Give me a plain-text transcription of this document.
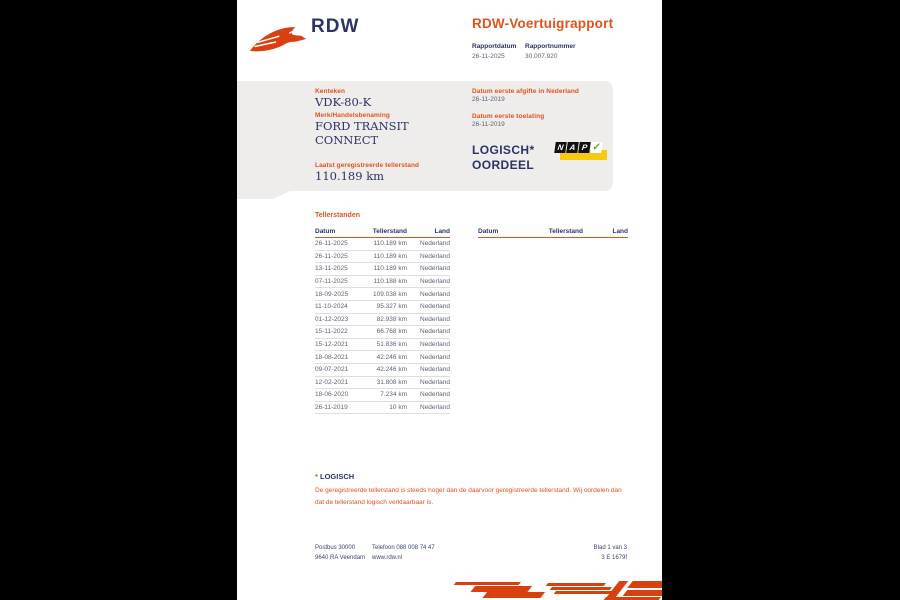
RDW	RDW-Voertuigrapport
Rapportdatum Rapportnummer
26-11-2025	30.007.920
Kenteken
VDK-80-K
Merk/Handelsbenaming
FORD TRANSIT CONNECT
Laatst geregistreerde tellerstand
110.189 km
Datum eerste afgifte in Nederland
26-11-2019
Datum eerste toelating
26-11-2019
LOGISCH*
OORDEEL
N A P ✓
Tellerstanden
Datum	Tellerstand	Land
26-11-2025	110.189 km	Nederland
26-11-2025	110.189 km	Nederland
13-11-2025	110.189 km	Nederland
07-11-2025	110.188 km	Nederland
18-09-2025	109.038 km	Nederland
11-10-2024	95.327 km	Nederland
01-12-2023	82.938 km	Nederland
15-11-2022	66.768 km	Nederland
15-12-2021	51.836 km	Nederland
18-08-2021	42.246 km	Nederland
09-07-2021	42.246 km	Nederland
12-02-2021	31.808 km	Nederland
18-06-2020	7.234 km	Nederland
26-11-2019	10 km	Nederland
Datum	Tellerstand	Land
* LOGISCH
De geregistreerde tellerstand is steeds hoger dan de daarvoor geregistreerde tellerstand. Wij oordelen dan
dat de tellerstand logisch verklaarbaar is.
Postbus 30000
9640 RA Veendam
Telefoon 088 008 74 47
www.rdw.nl
Blad 1 van 3
3 E 1679f
